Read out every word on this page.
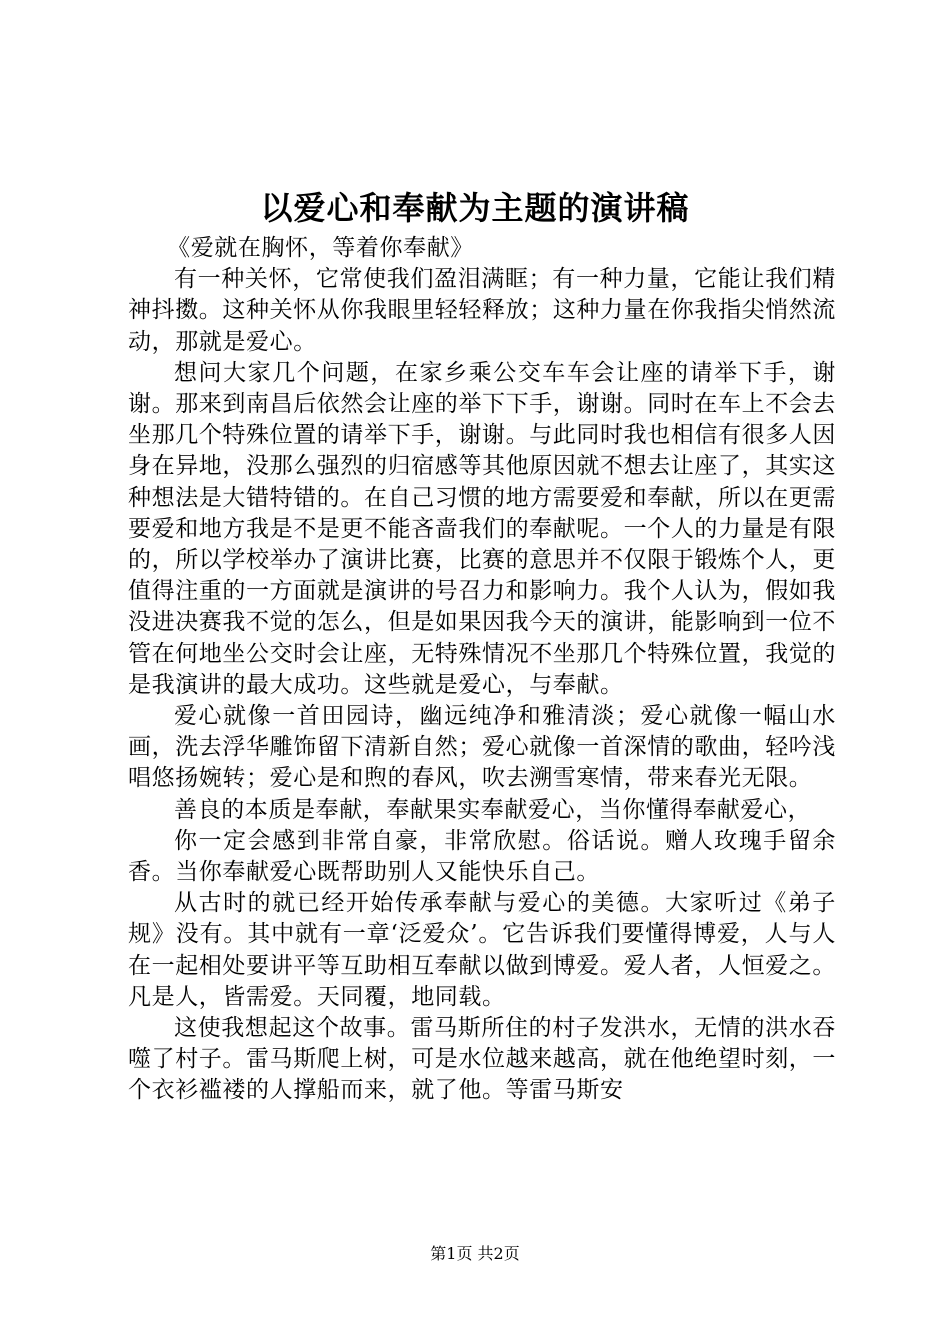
以爱心和奉献为主题的演讲稿

《爱就在胸怀，等着你奉献》

有一种关怀，它常使我们盈泪满眶；有一种力量，它能让我们精神抖擞。这种关怀从你我眼里轻轻释放；这种力量在你我指尖悄然流动，那就是爱心。

想问大家几个问题，在家乡乘公交车车会让座的请举下手，谢谢。那来到南昌后依然会让座的举下下手，谢谢。同时在车上不会去坐那几个特殊位置的请举下手，谢谢。与此同时我也相信有很多人因身在异地，没那么强烈的归宿感等其他原因就不想去让座了，其实这种想法是大错特错的。在自己习惯的地方需要爱和奉献，所以在更需要爱和地方我是不是更不能吝啬我们的奉献呢。一个人的力量是有限的，所以学校举办了演讲比赛，比赛的意思并不仅限于锻炼个人，更值得注重的一方面就是演讲的号召力和影响力。我个人认为，假如我没进决赛我不觉的怎么，但是如果因我今天的演讲，能影响到一位不管在何地坐公交时会让座，无特殊情况不坐那几个特殊位置，我觉的是我演讲的最大成功。这些就是爱心，与奉献。

爱心就像一首田园诗，幽远纯净和雅清淡；爱心就像一幅山水画，洗去浮华雕饰留下清新自然；爱心就像一首深情的歌曲，轻吟浅唱悠扬婉转；爱心是和煦的春风，吹去溯雪寒情，带来春光无限。

善良的本质是奉献，奉献果实奉献爱心，当你懂得奉献爱心，

你一定会感到非常自豪，非常欣慰。俗话说。赠人玫瑰手留余香。当你奉献爱心既帮助别人又能快乐自己。

从古时的就已经开始传承奉献与爱心的美德。大家听过《弟子规》没有。其中就有一章‘泛爱众’。它告诉我们要懂得博爱，人与人在一起相处要讲平等互助相互奉献以做到博爱。爱人者，人恒爱之。凡是人，皆需爱。天同覆，地同载。

这使我想起这个故事。雷马斯所住的村子发洪水，无情的洪水吞噬了村子。雷马斯爬上树，可是水位越来越高，就在他绝望时刻，一个衣衫褴褛的人撑船而来，就了他。等雷马斯安

第1页 共2页
